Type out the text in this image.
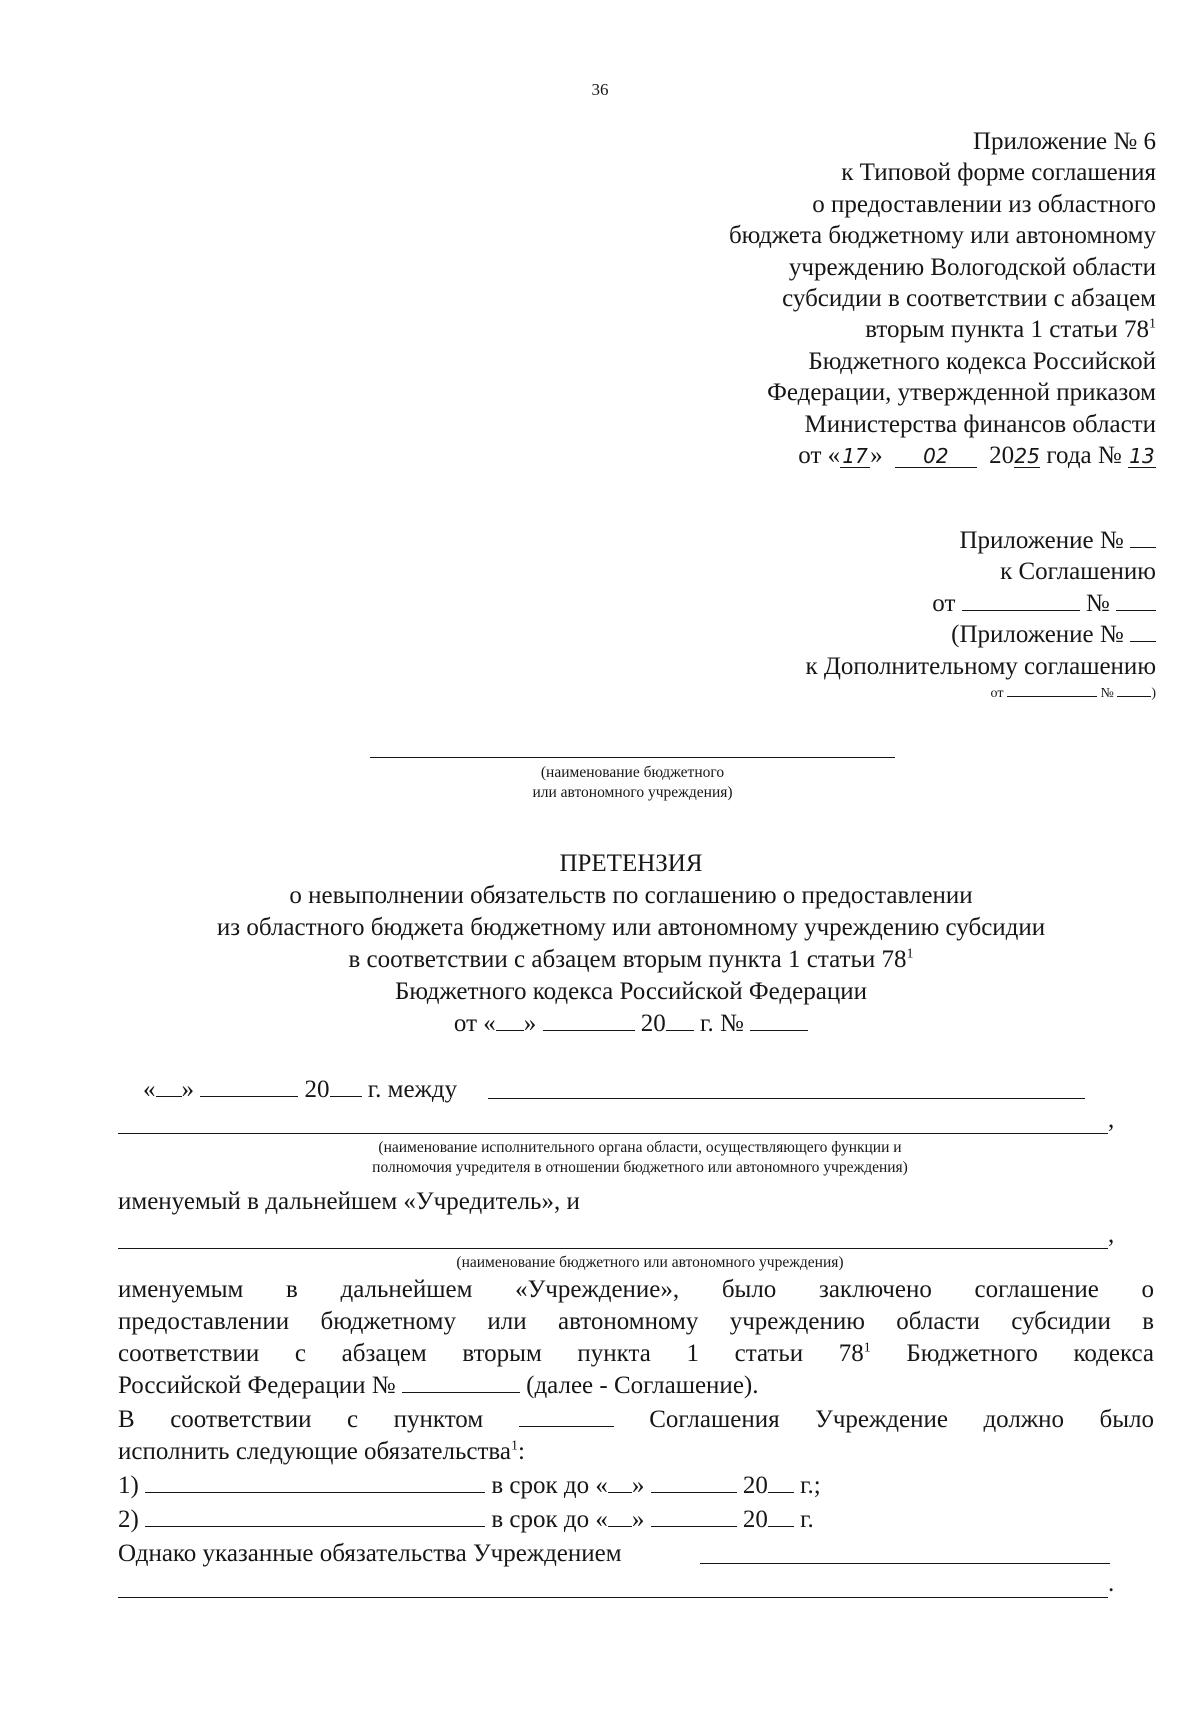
36
Приложение № 6
к Типовой форме соглашения
о предоставлении из областного
бюджета бюджетному или автономному
учреждению Вологодской области
субсидии в соответствии с абзацем
вторым пункта 1 статьи $78^1$
Бюджетного кодекса Российской
Федерации, утвержденной приказом
Министерства финансов области
от « 17» 02 2025 года № 13
Приложение №
к Соглашению
от	№
(Приложение №
к Дополнительному соглашению
от	№	)
(наименование бюджетного
или автономного учреждения)
ПРЕТЕНЗИЯ
о невыполнении обязательств по соглашению о предоставлении
из областного бюджета бюджетному или автономному учреждению субсидии
в соответствии с абзацем вторым пункта 1 статьи $78^1$
Бюджетного кодекса Российской Федерации
от « »	20 г. №
« »	20 г. между
,
(наименование исполнительного органа области, осуществляющего функции и
полномочия учредителя в отношении бюджетного или автономного учреждения)
именуемый в дальнейшем «Учредитель», и
,
(наименование бюджетного или автономного учреждения)
именуемым в дальнейшем «Учреждение», было заключено соглашение о
предоставлении бюджетному или автономному учреждению области субсидии в
соответствии с абзацем вторым пункта 1 статьи $78^1$ Бюджетного кодекса
Российской Федерации №	(далее - Соглашение).
В соответствии с пунктом	Соглашения Учреждение должно было
исполнить следующие обязательства$^1$:
1)	в срок до « »	20 г.;
2)	в срок до « »	20 г.
Однако указанные обязательства Учреждением
.
